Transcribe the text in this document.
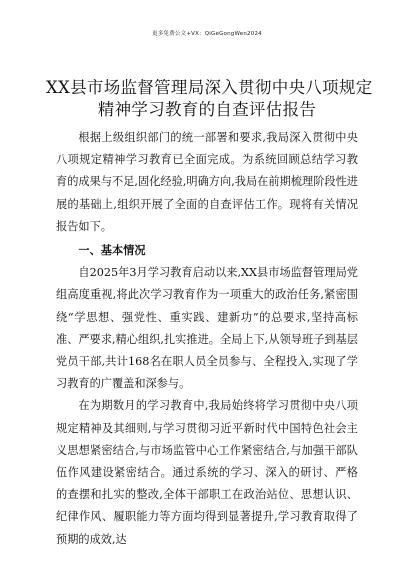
更多免费公文+VX：QiGeGongWen2024
XX县市场监督管理局深入贯彻中央八项规定
精神学习教育的自查评估报告

根据上级组织部门的统一部署和要求,我局深入贯彻中央八项规定精神学习教育已全面完成。为系统回顾总结学习教育的成果与不足,固化经验,明确方向,我局在前期梳理阶段性进展的基础上,组织开展了全面的自查评估工作。现将有关情况报告如下。

一、基本情况

自2025年3月学习教育启动以来,XX县市场监督管理局党组高度重视,将此次学习教育作为一项重大的政治任务,紧密围绕“学思想、强党性、重实践、建新功”的总要求,坚持高标准、严要求,精心组织,扎实推进。全局上下,从领导班子到基层党员干部,共计168名在职人员全员参与、全程投入,实现了学习教育的广覆盖和深参与。

在为期数月的学习教育中,我局始终将学习贯彻中央八项规定精神及其细则,与学习贯彻习近平新时代中国特色社会主义思想紧密结合,与市场监管中心工作紧密结合,与加强干部队伍作风建设紧密结合。通过系统的学习、深入的研讨、严格的查摆和扎实的整改,全体干部职工在政治站位、思想认识、纪律作风、履职能力等方面均得到显著提升,学习教育取得了预期的成效,达
